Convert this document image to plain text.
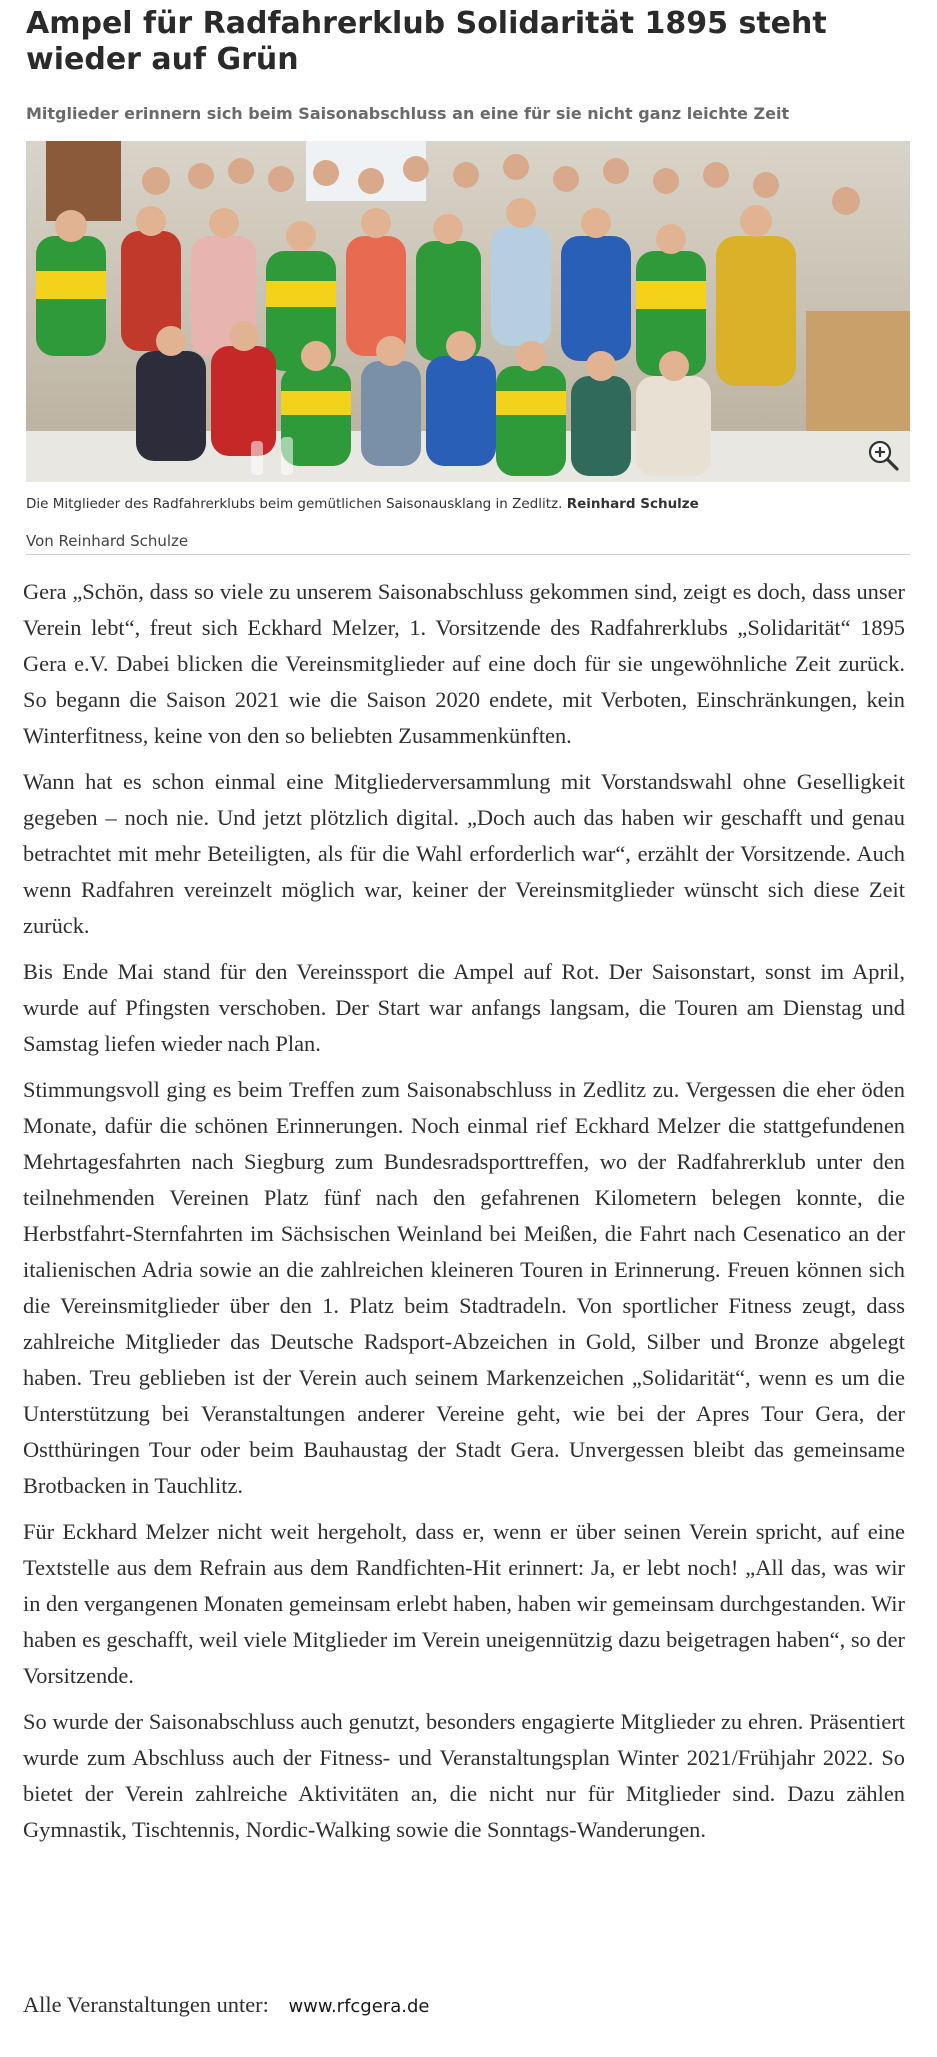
Ampel für Radfahrerklub Solidarität 1895 steht wieder auf Grün
Mitglieder erinnern sich beim Saisonabschluss an eine für sie nicht ganz leichte Zeit
Die Mitglieder des Radfahrerklubs beim gemütlichen Saisonausklang in Zedlitz. Reinhard Schulze
Von Reinhard Schulze

Gera „Schön, dass so viele zu unserem Saisonabschluss gekommen sind, zeigt es doch, dass unser Verein lebt“, freut sich Eckhard Melzer, 1. Vorsitzende des Radfahrerklubs „Solidarität“ 1895 Gera e.V. Dabei blicken die Vereinsmitglieder auf eine doch für sie ungewöhnliche Zeit zurück. So begann die Saison 2021 wie die Saison 2020 endete, mit Verboten, Einschränkungen, kein Winterfitness, keine von den so beliebten Zusammenkünften.

Wann hat es schon einmal eine Mitgliederversammlung mit Vorstandswahl ohne Geselligkeit gegeben – noch nie. Und jetzt plötzlich digital. „Doch auch das haben wir geschafft und genau betrachtet mit mehr Beteiligten, als für die Wahl erforderlich war“, erzählt der Vorsitzende. Auch wenn Radfahren vereinzelt möglich war, keiner der Vereinsmitglieder wünscht sich diese Zeit zurück.

Bis Ende Mai stand für den Vereinssport die Ampel auf Rot. Der Saisonstart, sonst im April, wurde auf Pfingsten verschoben. Der Start war anfangs langsam, die Touren am Dienstag und Samstag liefen wieder nach Plan.

Stimmungsvoll ging es beim Treffen zum Saisonabschluss in Zedlitz zu. Vergessen die eher öden Monate, dafür die schönen Erinnerungen. Noch einmal rief Eckhard Melzer die stattgefundenen Mehrtagesfahrten nach Siegburg zum Bundesradsporttreffen, wo der Radfahrerklub unter den teilnehmenden Vereinen Platz fünf nach den gefahrenen Kilometern belegen konnte, die Herbstfahrt-Sternfahrten im Sächsischen Weinland bei Meißen, die Fahrt nach Cesenatico an der italienischen Adria sowie an die zahlreichen kleineren Touren in Erinnerung. Freuen können sich die Vereinsmitglieder über den 1. Platz beim Stadtradeln. Von sportlicher Fitness zeugt, dass zahlreiche Mitglieder das Deutsche Radsport-Abzeichen in Gold, Silber und Bronze abgelegt haben. Treu geblieben ist der Verein auch seinem Markenzeichen „Solidarität“, wenn es um die Unterstützung bei Veranstaltungen anderer Vereine geht, wie bei der Apres Tour Gera, der Ostthüringen Tour oder beim Bauhaustag der Stadt Gera. Unvergessen bleibt das gemeinsame Brotbacken in Tauchlitz.

Für Eckhard Melzer nicht weit hergeholt, dass er, wenn er über seinen Verein spricht, auf eine Textstelle aus dem Refrain aus dem Randfichten-Hit erinnert: Ja, er lebt noch! „All das, was wir in den vergangenen Monaten gemeinsam erlebt haben, haben wir gemeinsam durchgestanden. Wir haben es geschafft, weil viele Mitglieder im Verein uneigennützig dazu beigetragen haben“, so der Vorsitzende.

So wurde der Saisonabschluss auch genutzt, besonders engagierte Mitglieder zu ehren. Präsentiert wurde zum Abschluss auch der Fitness- und Veranstaltungsplan Winter 2021/Frühjahr 2022. So bietet der Verein zahlreiche Aktivitäten an, die nicht nur für Mitglieder sind. Dazu zählen Gymnastik, Tischtennis, Nordic-Walking sowie die Sonntags-Wanderungen.

Alle Veranstaltungen unter: www.rfcgera.de
